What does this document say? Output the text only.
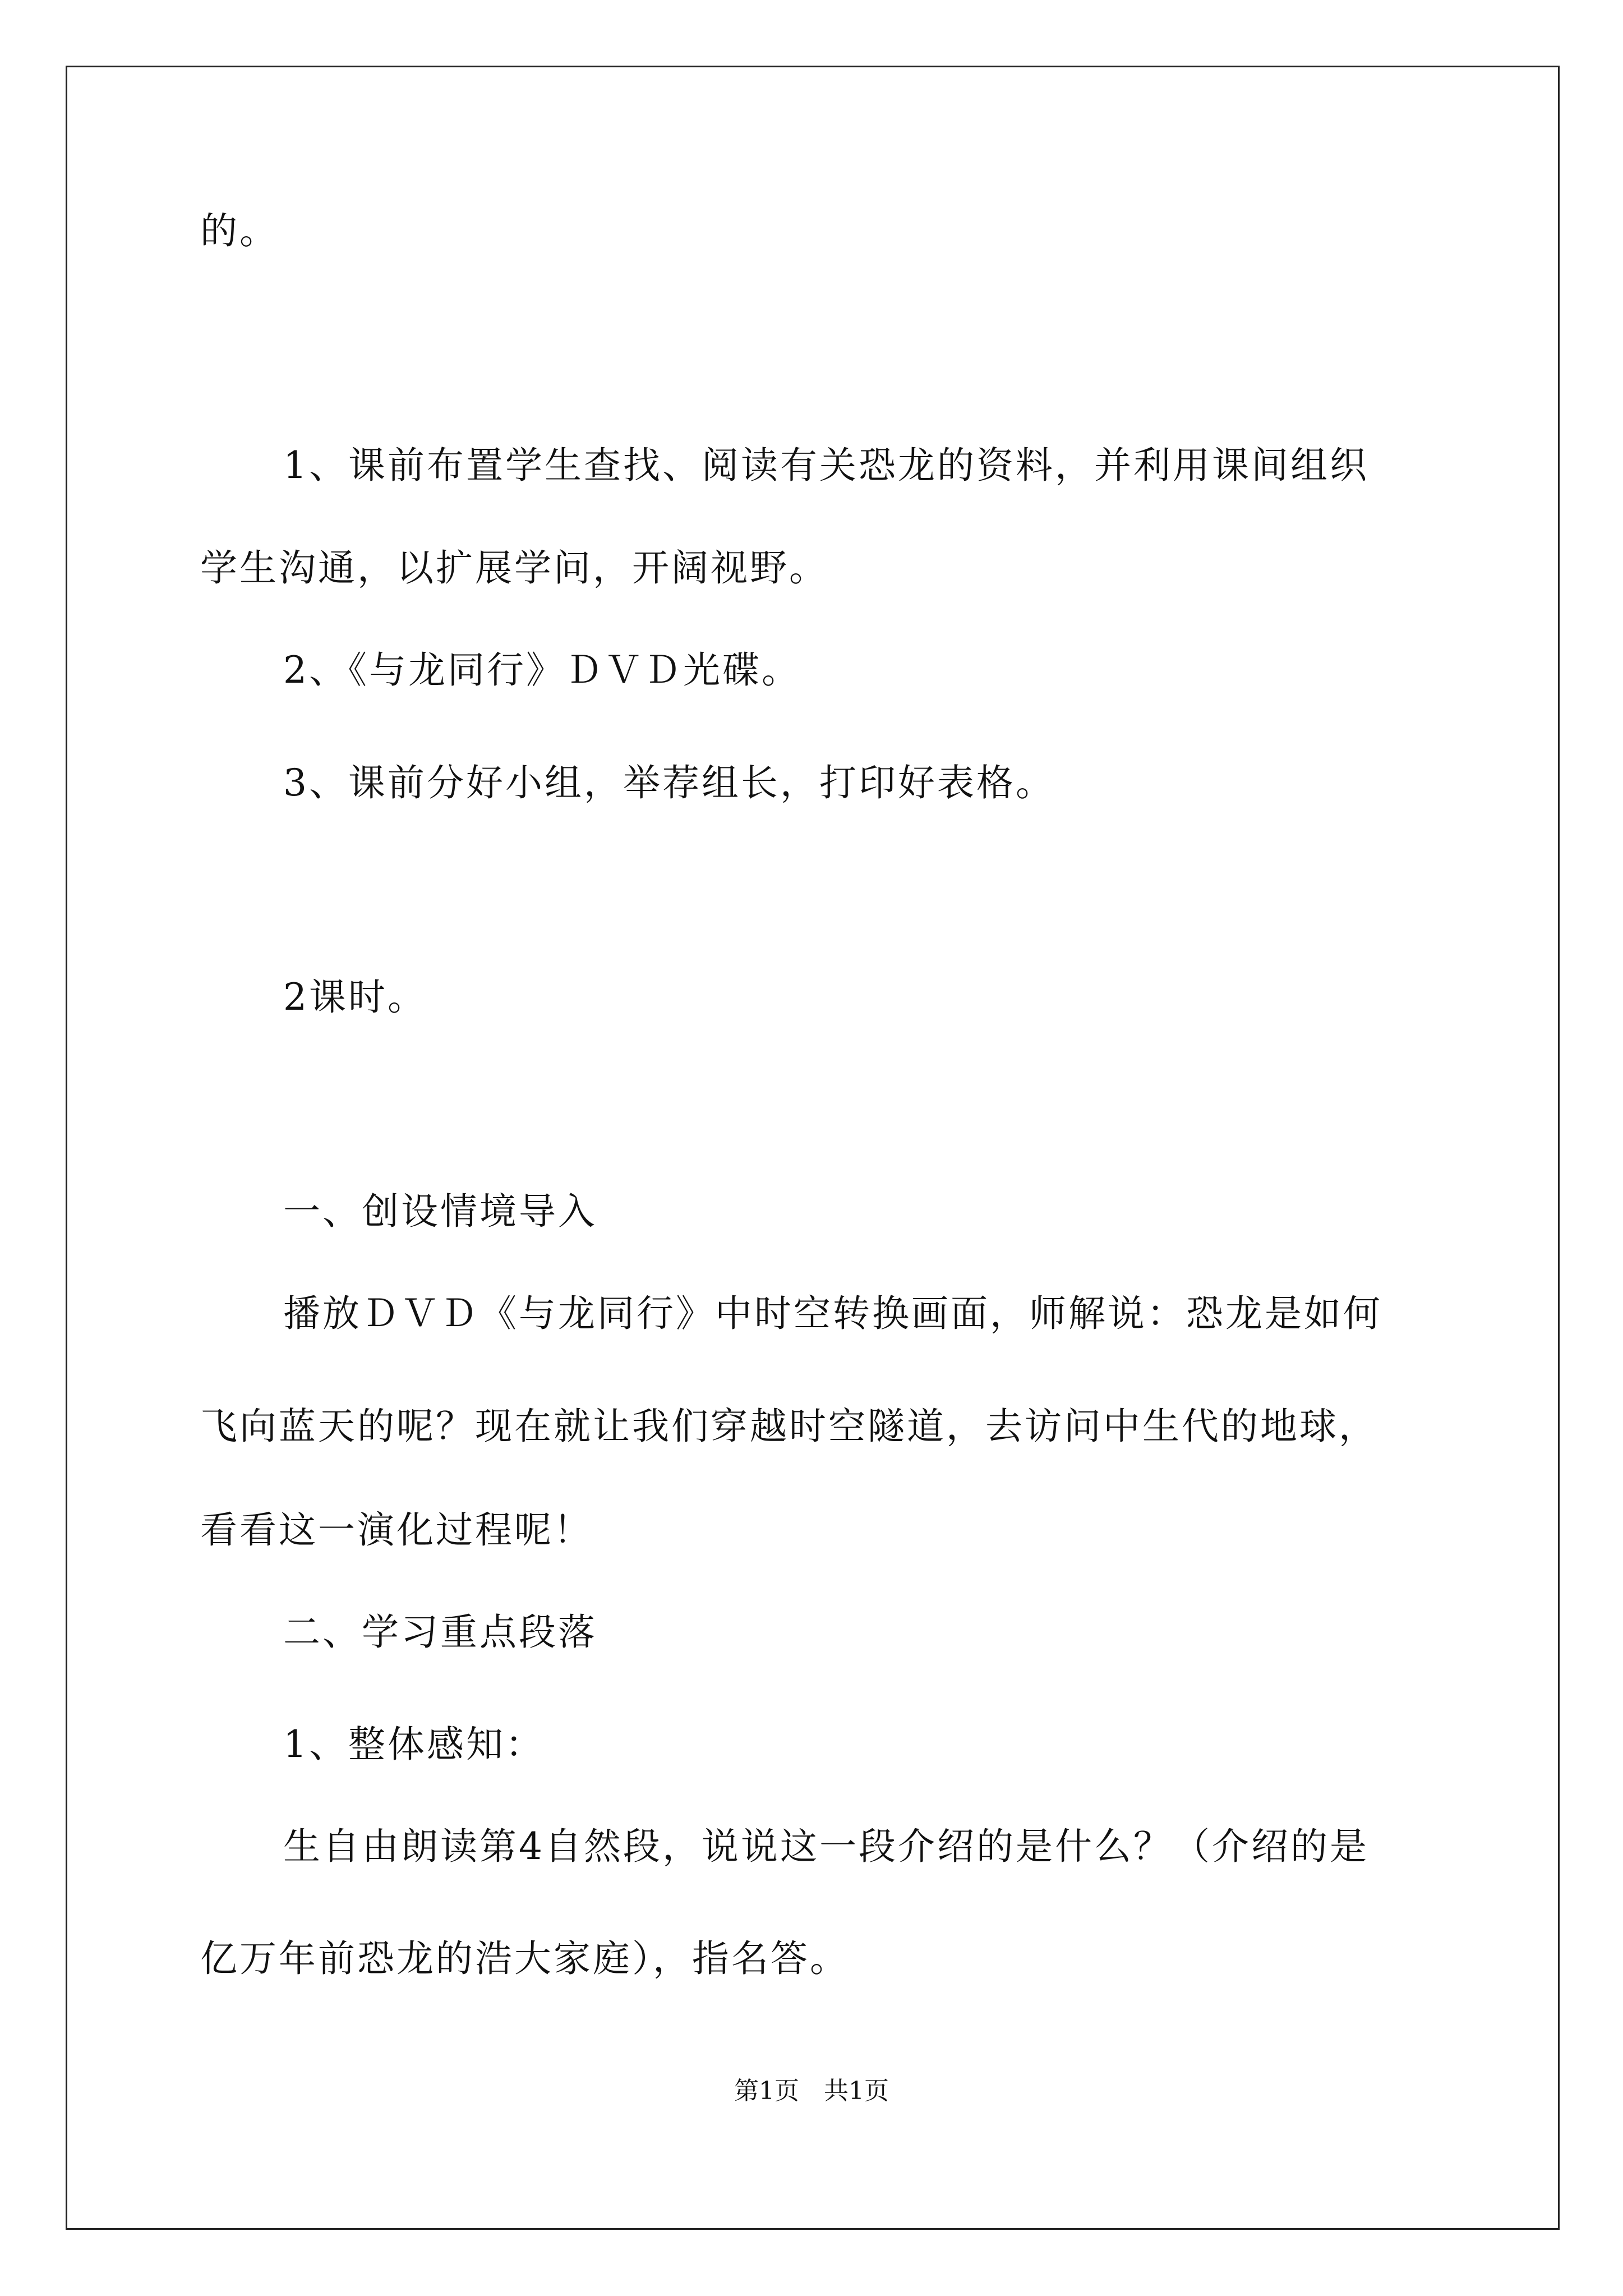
的。
1、课前布置学生查找、阅读有关恐龙的资料，并利用课间组织
学生沟通，以扩展学问，开阔视野。
2、《与龙同行》ＤＶＤ光碟。
3、课前分好小组，举荐组长，打印好表格。
2课时。
一、创设情境导入
播放ＤＶＤ《与龙同行》中时空转换画面，师解说：恐龙是如何
飞向蓝天的呢？现在就让我们穿越时空隧道，去访问中生代的地球，
看看这一演化过程呢！
二、学习重点段落
1、整体感知：
生自由朗读第4自然段，说说这一段介绍的是什么？（介绍的是
亿万年前恐龙的浩大家庭），指名答。
第1页　共1页
